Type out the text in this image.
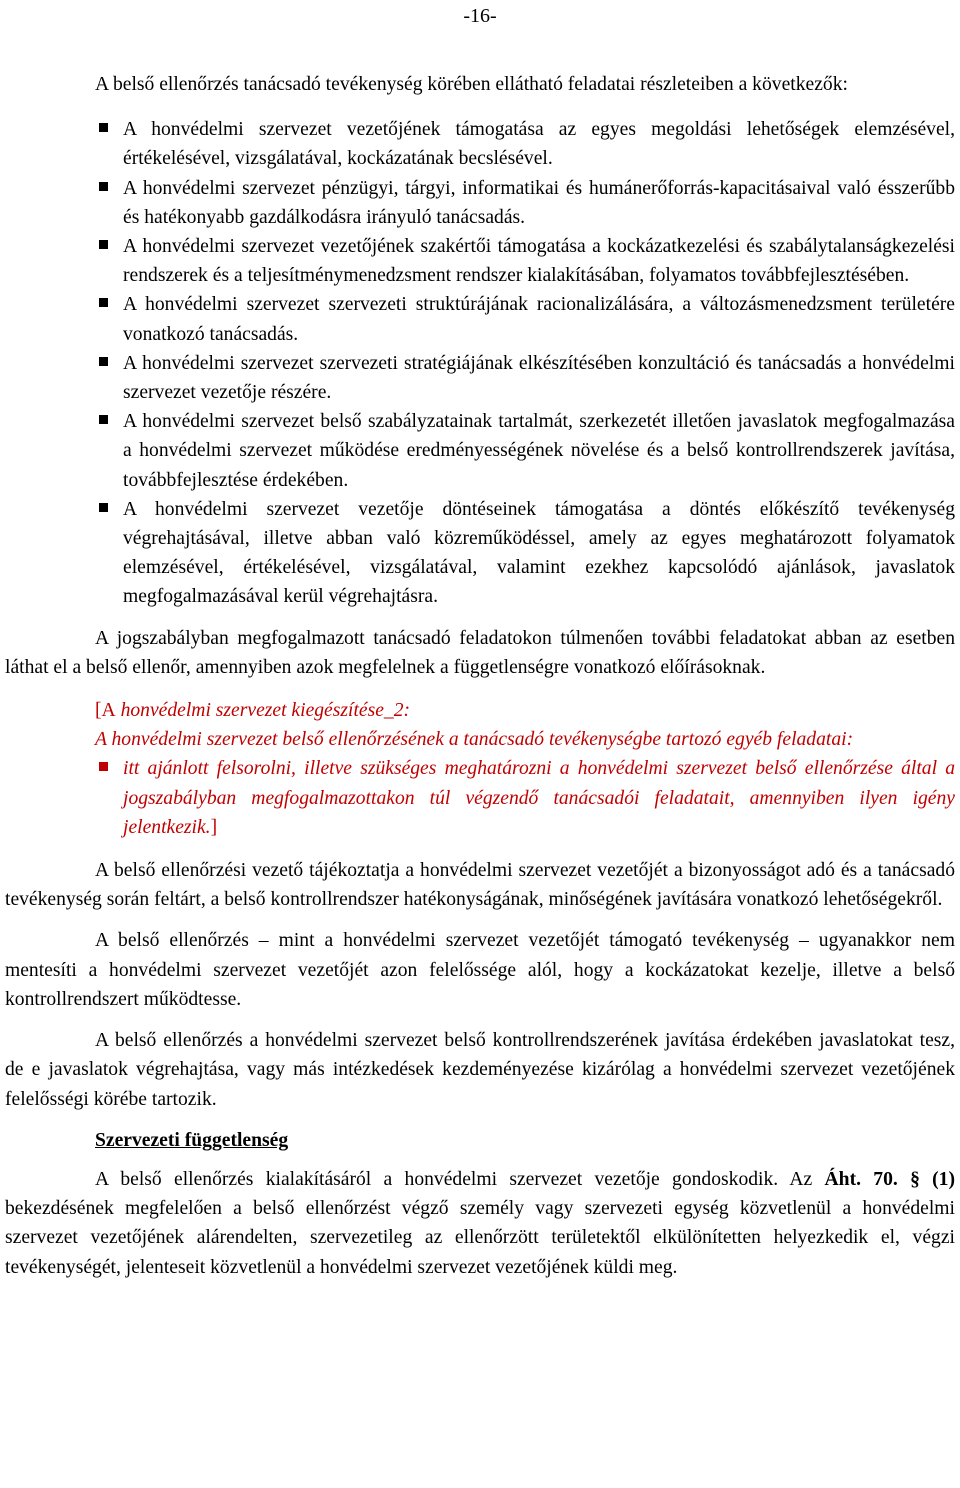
-16-

A belső ellenőrzés tanácsadó tevékenység körében ellátható feladatai részleteiben a következők:

A honvédelmi szervezet vezetőjének támogatása az egyes megoldási lehetőségek elemzésével, értékelésével, vizsgálatával, kockázatának becslésével.
A honvédelmi szervezet pénzügyi, tárgyi, informatikai és humánerőforrás-kapacitásaival való ésszerűbb és hatékonyabb gazdálkodásra irányuló tanácsadás.
A honvédelmi szervezet vezetőjének szakértői támogatása a kockázatkezelési és szabálytalanságkezelési rendszerek és a teljesítménymenedzsment rendszer kialakításában, folyamatos továbbfejlesztésében.
A honvédelmi szervezet szervezeti struktúrájának racionalizálására, a változásmenedzsment területére vonatkozó tanácsadás.
A honvédelmi szervezet szervezeti stratégiájának elkészítésében konzultáció és tanácsadás a honvédelmi szervezet vezetője részére.
A honvédelmi szervezet belső szabályzatainak tartalmát, szerkezetét illetően javaslatok megfogalmazása a honvédelmi szervezet működése eredményességének növelése és a belső kontrollrendszerek javítása, továbbfejlesztése érdekében.
A honvédelmi szervezet vezetője döntéseinek támogatása a döntés előkészítő tevékenység végrehajtásával, illetve abban való közreműködéssel, amely az egyes meghatározott folyamatok elemzésével, értékelésével, vizsgálatával, valamint ezekhez kapcsolódó ajánlások, javaslatok megfogalmazásával kerül végrehajtásra.

A jogszabályban megfogalmazott tanácsadó feladatokon túlmenően további feladatokat abban az esetben láthat el a belső ellenőr, amennyiben azok megfelelnek a függetlenségre vonatkozó előírásoknak.

[A honvédelmi szervezet kiegészítése_2:

A honvédelmi szervezet belső ellenőrzésének a tanácsadó tevékenységbe tartozó egyéb feladatai:

itt ajánlott felsorolni, illetve szükséges meghatározni a honvédelmi szervezet belső ellenőrzése által a jogszabályban megfogalmazottakon túl végzendő tanácsadói feladatait, amennyiben ilyen igény jelentkezik.]

A belső ellenőrzési vezető tájékoztatja a honvédelmi szervezet vezetőjét a bizonyosságot adó és a tanácsadó tevékenység során feltárt, a belső kontrollrendszer hatékonyságának, minőségének javítására vonatkozó lehetőségekről.

A belső ellenőrzés – mint a honvédelmi szervezet vezetőjét támogató tevékenység – ugyanakkor nem mentesíti a honvédelmi szervezet vezetőjét azon felelőssége alól, hogy a kockázatokat kezelje, illetve a belső kontrollrendszert működtesse.

A belső ellenőrzés a honvédelmi szervezet belső kontrollrendszerének javítása érdekében javaslatokat tesz, de e javaslatok végrehajtása, vagy más intézkedések kezdeményezése kizárólag a honvédelmi szervezet vezetőjének felelősségi körébe tartozik.

Szervezeti függetlenség

A belső ellenőrzés kialakításáról a honvédelmi szervezet vezetője gondoskodik. Az Áht. 70. § (1) bekezdésének megfelelően a belső ellenőrzést végző személy vagy szervezeti egység közvetlenül a honvédelmi szervezet vezetőjének alárendelten, szervezetileg az ellenőrzött területektől elkülönítetten helyezkedik el, végzi tevékenységét, jelenteseit közvetlenül a honvédelmi szervezet vezetőjének küldi meg.
